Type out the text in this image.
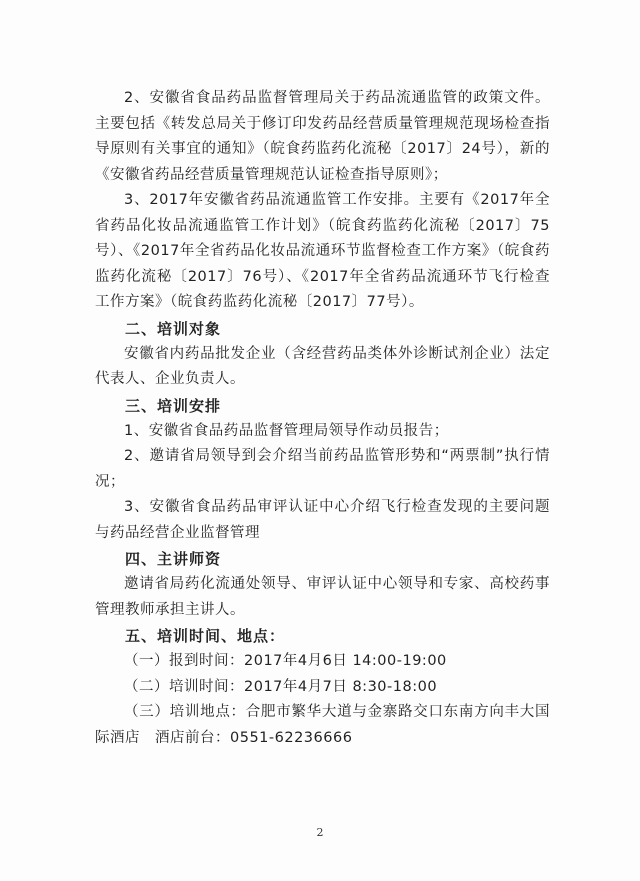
2、安徽省食品药品监督管理局关于药品流通监管的政策文件。主要包括《转发总局关于修订印发药品经营质量管理规范现场检查指导原则有关事宜的通知》（皖食药监药化流秘〔2017〕24号），新的《安徽省药品经营质量管理规范认证检查指导原则》；

3、2017年安徽省药品流通监管工作安排。主要有《2017年全省药品化妆品流通监管工作计划》（皖食药监药化流秘〔2017〕75号）、《2017年全省药品化妆品流通环节监督检查工作方案》（皖食药监药化流秘〔2017〕76号）、《2017年全省药品流通环节飞行检查工作方案》（皖食药监药化流秘〔2017〕77号）。

二、培训对象

安徽省内药品批发企业（含经营药品类体外诊断试剂企业）法定代表人、企业负责人。

三、培训安排

1、安徽省食品药品监督管理局领导作动员报告；

2、邀请省局领导到会介绍当前药品监管形势和“两票制”执行情况；

3、安徽省食品药品审评认证中心介绍飞行检查发现的主要问题与药品经营企业监督管理

四、主讲师资

邀请省局药化流通处领导、审评认证中心领导和专家、高校药事管理教师承担主讲人。

五、培训时间、地点：

（一）报到时间：2017年4月6日 14:00-19:00

（二）培训时间：2017年4月7日 8:30-18:00

（三）培训地点：合肥市繁华大道与金寨路交口东南方向丰大国际酒店　酒店前台：0551-62236666

2
